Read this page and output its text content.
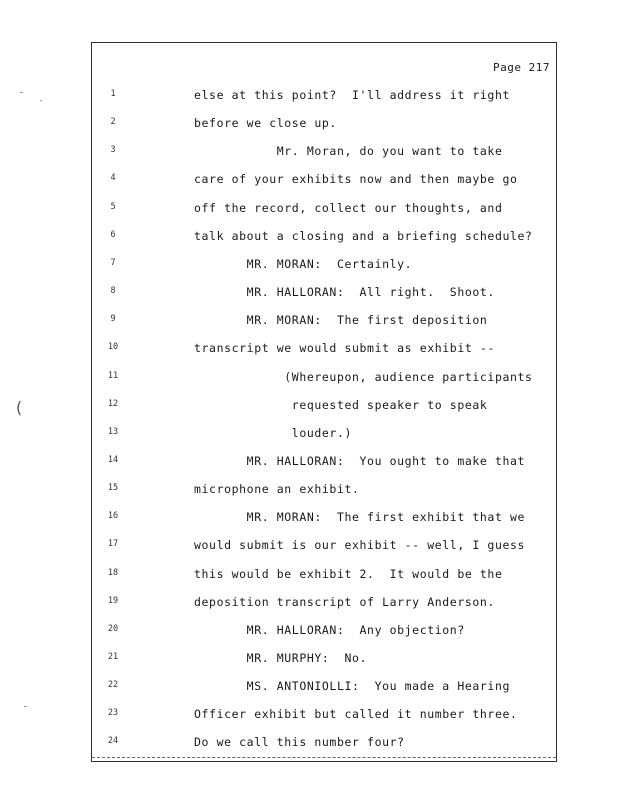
Page 217
1	else at this point?  I'll address it right
2	before we close up.
3	Mr. Moran, do you want to take
4	care of your exhibits now and then maybe go
5	off the record, collect our thoughts, and
6	talk about a closing and a briefing schedule?
7	MR. MORAN:  Certainly.
8	MR. HALLORAN:  All right.  Shoot.
9	MR. MORAN:  The first deposition
10	transcript we would submit as exhibit --
11	(Whereupon, audience participants
12	requested speaker to speak
13	louder.)
14	MR. HALLORAN:  You ought to make that
15	microphone an exhibit.
16	MR. MORAN:  The first exhibit that we
17	would submit is our exhibit -- well, I guess
18	this would be exhibit 2.  It would be the
19	deposition transcript of Larry Anderson.
20	MR. HALLORAN:  Any objection?
21	MR. MURPHY:  No.
22	MS. ANTONIOLLI:  You made a Hearing
23	Officer exhibit but called it number three.
24	Do we call this number four?
(
